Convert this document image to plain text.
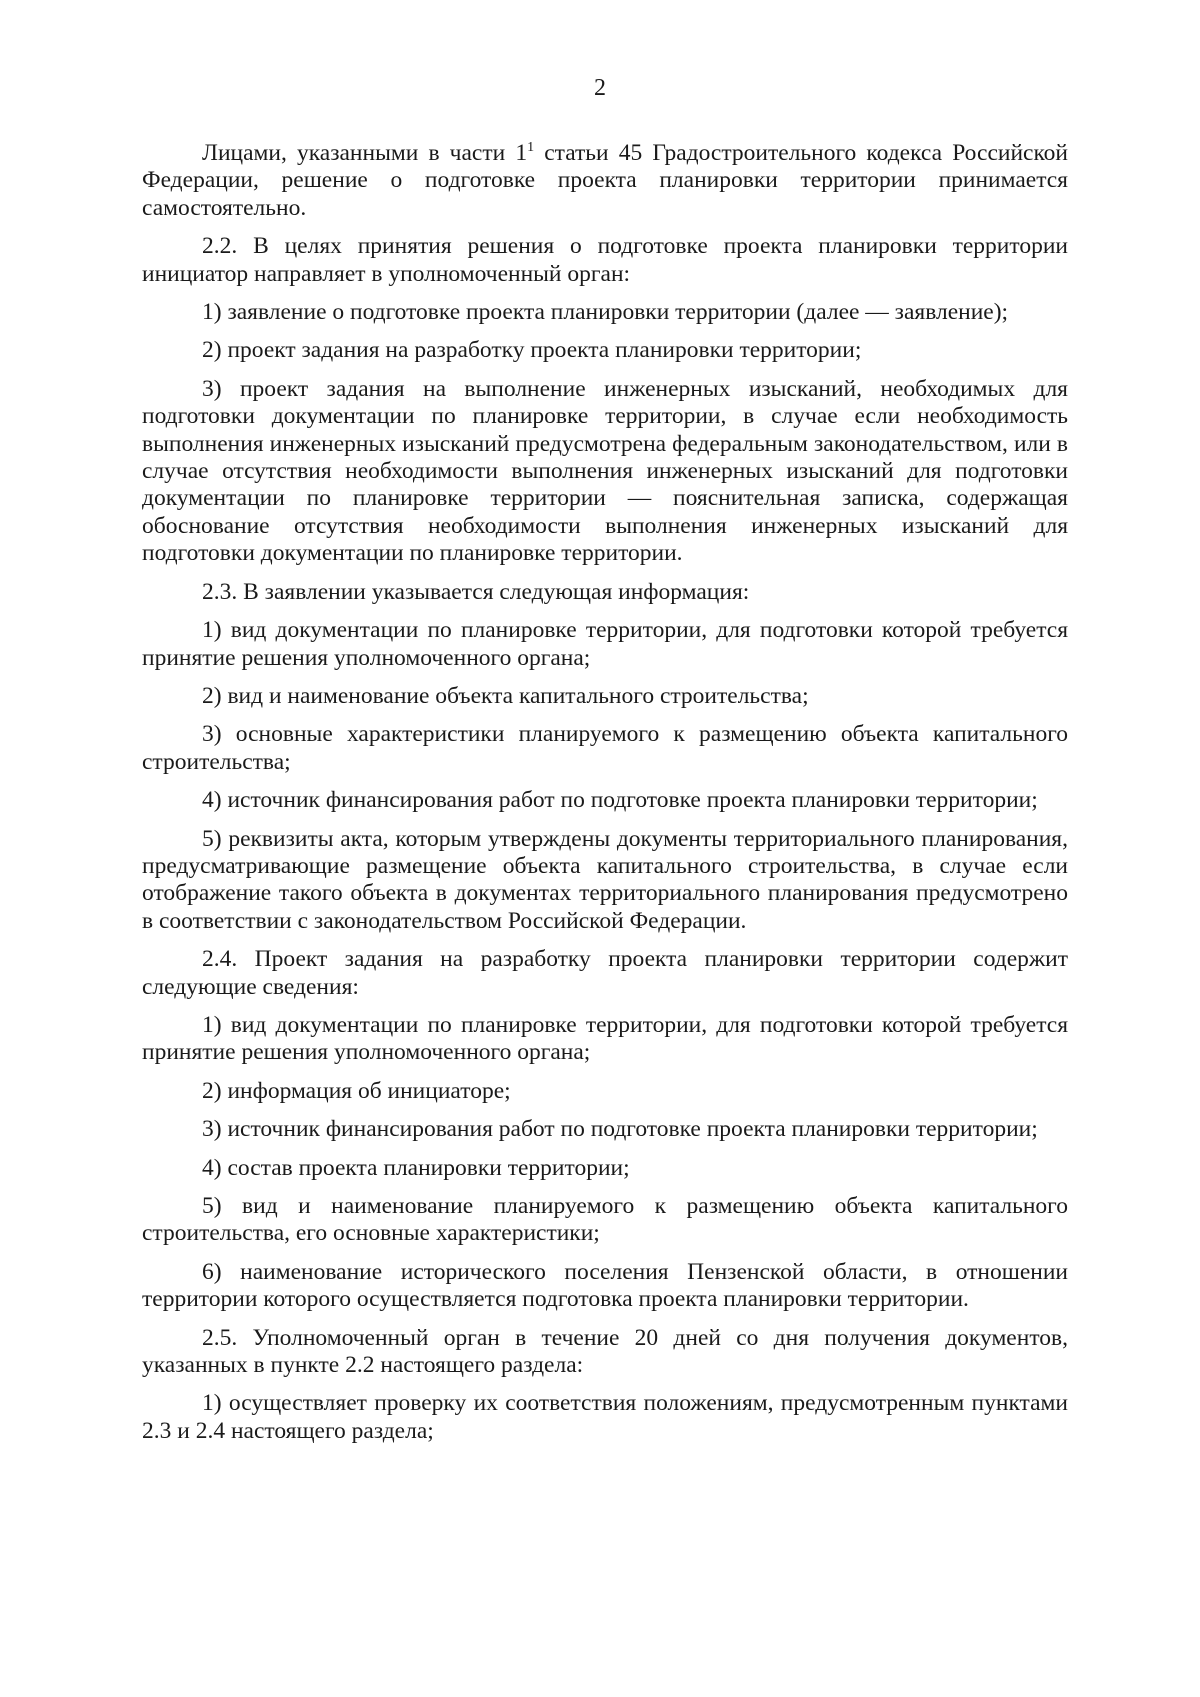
2

Лицами, указанными в части $1^1$ статьи 45 Градостроительного кодекса Российской Федерации, решение о подготовке проекта планировки территории принимается самостоятельно.

2.2. В целях принятия решения о подготовке проекта планировки территории инициатор направляет в уполномоченный орган:

1) заявление о подготовке проекта планировки территории (далее — заявление);

2) проект задания на разработку проекта планировки территории;

3) проект задания на выполнение инженерных изысканий, необходимых для подготовки документации по планировке территории, в случае если необходимость выполнения инженерных изысканий предусмотрена федеральным законодательством, или в случае отсутствия необходимости выполнения инженерных изысканий для подготовки документации по планировке территории — пояснительная записка, содержащая обоснование отсутствия необходимости выполнения инженерных изысканий для подготовки документации по планировке территории.

2.3. В заявлении указывается следующая информация:

1) вид документации по планировке территории, для подготовки которой требуется принятие решения уполномоченного органа;

2) вид и наименование объекта капитального строительства;

3) основные характеристики планируемого к размещению объекта капитального строительства;

4) источник финансирования работ по подготовке проекта планировки территории;

5) реквизиты акта, которым утверждены документы территориального планирования, предусматривающие размещение объекта капитального строительства, в случае если отображение такого объекта в документах территориального планирования предусмотрено в соответствии с законодательством Российской Федерации.

2.4. Проект задания на разработку проекта планировки территории содержит следующие сведения:

1) вид документации по планировке территории, для подготовки которой требуется принятие решения уполномоченного органа;

2) информация об инициаторе;

3) источник финансирования работ по подготовке проекта планировки территории;

4) состав проекта планировки территории;

5) вид и наименование планируемого к размещению объекта капитального строительства, его основные характеристики;

6) наименование исторического поселения Пензенской области, в отношении территории которого осуществляется подготовка проекта планировки территории.

2.5. Уполномоченный орган в течение 20 дней со дня получения документов, указанных в пункте 2.2 настоящего раздела:

1) осуществляет проверку их соответствия положениям, предусмотренным пунктами 2.3 и 2.4 настоящего раздела;
